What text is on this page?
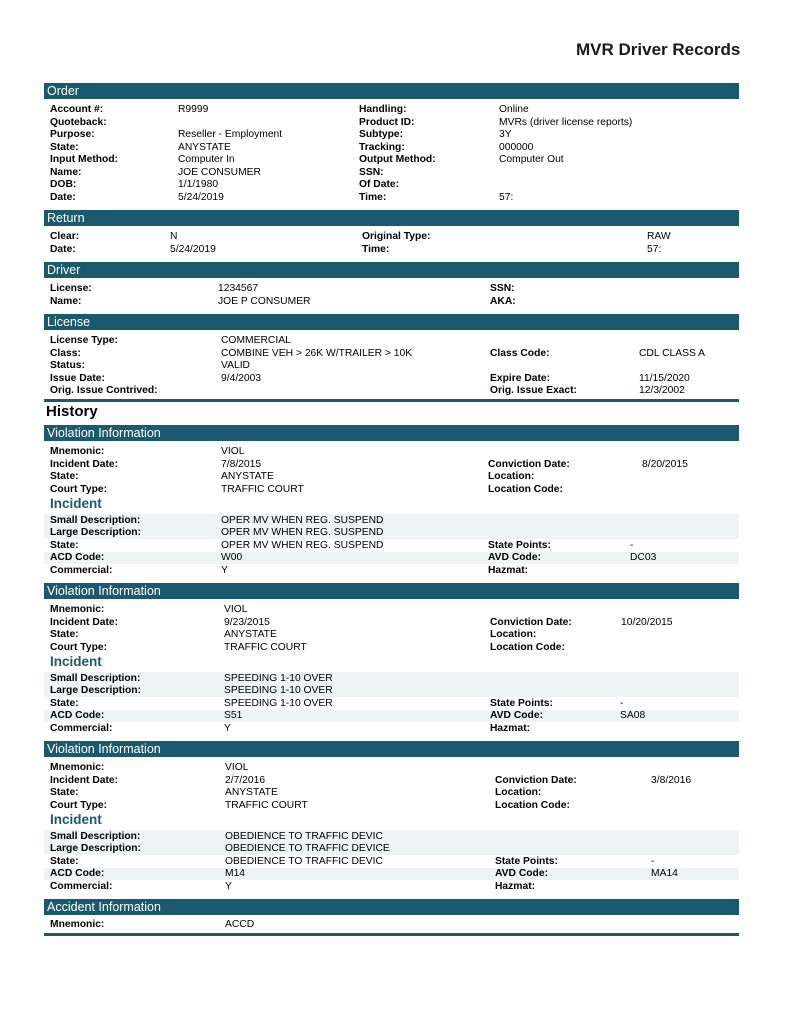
MVR Driver Records
Order
Account #:	R9999
Quoteback:
Purpose:	Reseller - Employment
State:	ANYSTATE
Input Method:	Computer In
Name:	JOE CONSUMER
DOB:	1/1/1980
Date:	5/24/2019
Handling:	Online
Product ID:	MVRs (driver license reports)
Subtype:	3Y
Tracking:	000000
Output Method:	Computer Out
SSN:
Of Date:
Time:	57:
Return
Clear:	N
Date:	5/24/2019
Original Type:	RAW
Time:	57:
Driver
License:	1234567
Name:	JOE P CONSUMER
SSN:
AKA:
License
License Type:	COMMERCIAL
Class:	COMBINE VEH > 26K W/TRAILER > 10K
Status:	VALID
Issue Date:	9/4/2003
Orig. Issue Contrived:
Class Code:	CDL CLASS A
Expire Date:	11/15/2020
Orig. Issue Exact:	12/3/2002
History
Violation Information
Mnemonic:	VIOL
Incident Date:	7/8/2015
State:	ANYSTATE
Court Type:	TRAFFIC COURT
Conviction Date:	8/20/2015
Location:
Location Code:
Incident
Small Description:	OPER MV WHEN REG. SUSPEND
Large Description:	OPER MV WHEN REG. SUSPEND
State:	OPER MV WHEN REG. SUSPEND
ACD Code:	W00
Commercial:	Y
State Points:	-
AVD Code:	DC03
Hazmat:
Violation Information
Mnemonic:	VIOL
Incident Date:	9/23/2015
State:	ANYSTATE
Court Type:	TRAFFIC COURT
Conviction Date:	10/20/2015
Location:
Location Code:
Incident
Small Description:	SPEEDING 1-10 OVER
Large Description:	SPEEDING 1-10 OVER
State:	SPEEDING 1-10 OVER
ACD Code:	S51
Commercial:	Y
State Points:	-
AVD Code:	SA08
Hazmat:
Violation Information
Mnemonic:	VIOL
Incident Date:	2/7/2016
State:	ANYSTATE
Court Type:	TRAFFIC COURT
Conviction Date:	3/8/2016
Location:
Location Code:
Incident
Small Description:	OBEDIENCE TO TRAFFIC DEVIC
Large Description:	OBEDIENCE TO TRAFFIC DEVICE
State:	OBEDIENCE TO TRAFFIC DEVIC
ACD Code:	M14
Commercial:	Y
State Points:	-
AVD Code:	MA14
Hazmat:
Accident Information
Mnemonic:	ACCD
